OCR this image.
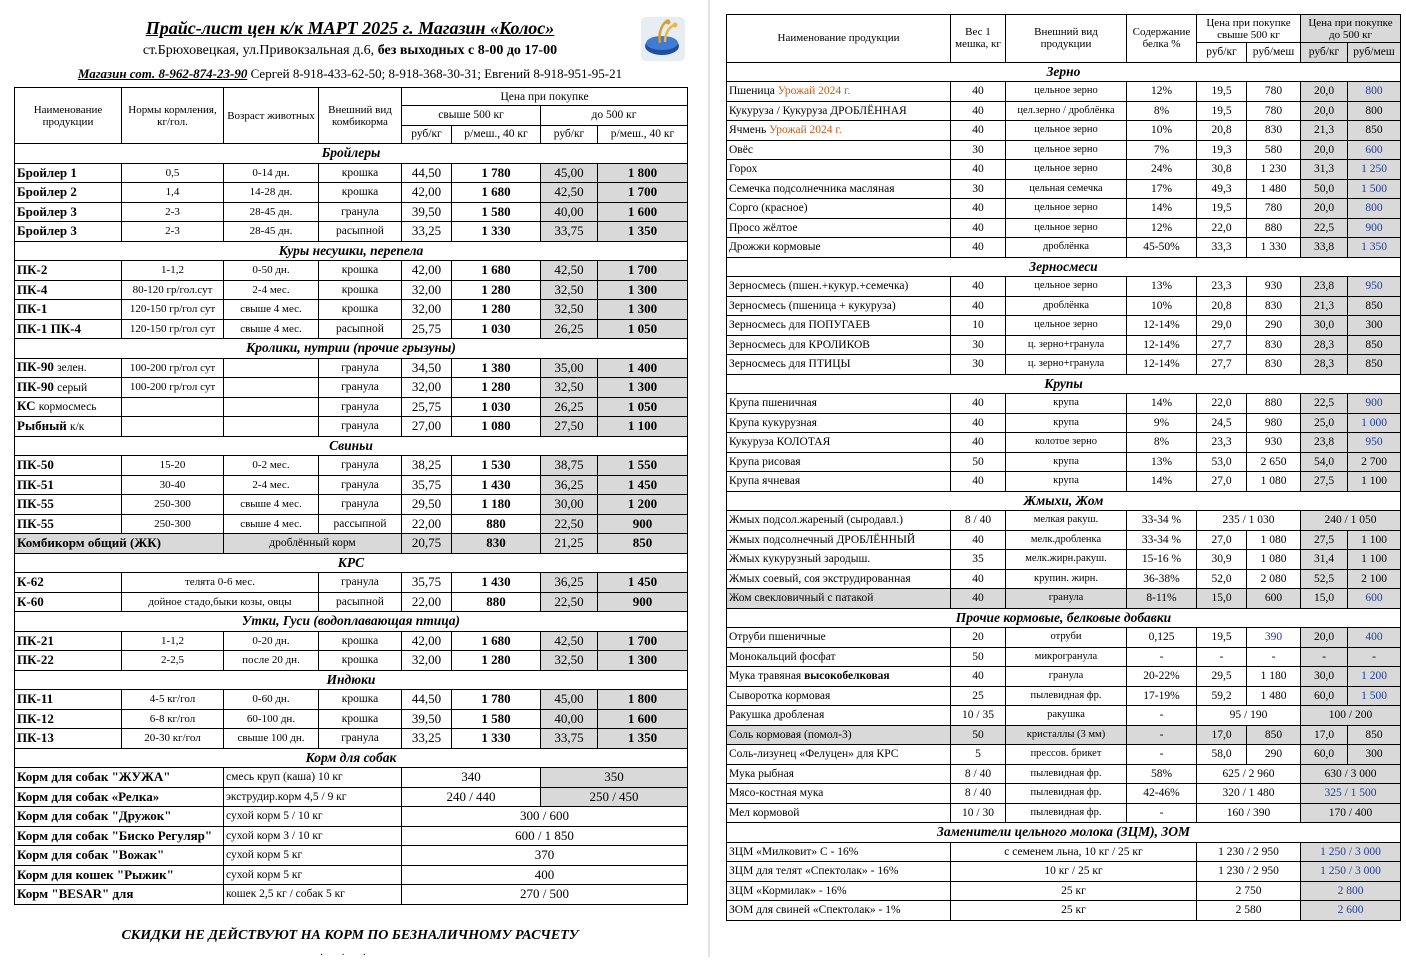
Прайс-лист цен к/к МАРТ 2025 г. Магазин «Колос»
ст.Брюховецкая, ул.Привокзальная д.6, без выходных с 8-00 до 17-00
Магазин сот. 8-962-874-23-90 Сергей 8-918-433-62-50; 8-918-368-30-31; Евгений 8-918-951-95-21
Наименование продукции	Нормы кормления, кг/гол.	Возраст животных	Внешний вид комбикорма	Цена при покупке			
				свыше 500 кг		до 500 кг	
				руб/кг	р/меш., 40 кг	руб/кг	р/меш., 40 кг
Бройлеры							
Бройлер 1	0,5	0-14 дн.	крошка	44,50	1 780	45,00	1 800
Бройлер 2	1,4	14-28 дн.	крошка	42,00	1 680	42,50	1 700
Бройлер 3	2-3	28-45 дн.	гранула	39,50	1 580	40,00	1 600
Бройлер 3	2-3	28-45 дн.	расыпной	33,25	1 330	33,75	1 350
Куры несушки, перепела							
ПК-2	1-1,2	0-50 дн.	крошка	42,00	1 680	42,50	1 700
ПК-4	80-120 гр/гол.сут	2-4 мес.	крошка	32,00	1 280	32,50	1 300
ПК-1	120-150 гр/гол сут	свыше 4 мес.	крошка	32,00	1 280	32,50	1 300
ПК-1 ПК-4	120-150 гр/гол сут	свыше 4 мес.	расыпной	25,75	1 030	26,25	1 050
Кролики, нутрии (прочие грызуны)							
ПК-90 зелен.	100-200 гр/гол сут		гранула	34,50	1 380	35,00	1 400
ПК-90 серый	100-200 гр/гол сут		гранула	32,00	1 280	32,50	1 300
КС кормосмесь			гранула	25,75	1 030	26,25	1 050
Рыбный к/к			гранула	27,00	1 080	27,50	1 100
Свиньи							
ПК-50	15-20	0-2 мес.	гранула	38,25	1 530	38,75	1 550
ПК-51	30-40	2-4 мес.	гранула	35,75	1 430	36,25	1 450
ПК-55	250-300	свыше 4 мес.	гранула	29,50	1 180	30,00	1 200
ПК-55	250-300	свыше 4 мес.	рассыпной	22,00	880	22,50	900
Комбикорм общий (ЖК)		дроблённый корм		20,75	830	21,25	850
КРС							
К-62	телята 0-6 мес.		гранула	35,75	1 430	36,25	1 450
К-60	дойное стадо,быки козы, овцы		расыпной	22,00	880	22,50	900
Утки, Гуси (водоплавающая птица)							
ПК-21	1-1,2	0-20 дн.	крошка	42,00	1 680	42,50	1 700
ПК-22	2-2,5	после 20 дн.	крошка	32,00	1 280	32,50	1 300
Индюки							
ПК-11	4-5 кг/гол	0-60 дн.	крошка	44,50	1 780	45,00	1 800
ПК-12	6-8 кг/гол	60-100 дн.	крошка	39,50	1 580	40,00	1 600
ПК-13	20-30 кг/гол	свыше 100 дн.	гранула	33,25	1 330	33,75	1 350
Корм для собак							
Корм для собак "ЖУЖА"		смесь круп (каша) 10 кг		340		350	
Корм для собак «Релка»		экструдир.корм 4,5 / 9 кг		240 / 440		250 / 450	
Корм для собак "Дружок"		сухой корм 5 / 10 кг		300 / 600			
Корм для собак "Биско Регуляр"		сухой корм 3 / 10 кг		600 / 1 850			
Корм для собак "Вожак"		сухой корм 5 кг		370			
Корм для кошек "Рыжик"		сухой корм 5 кг		400			
Корм "BESAR" для		кошек 2,5 кг / собак 5 кг		270 / 500			
СКИДКИ НЕ ДЕЙСТВУЮТ НА КОРМ ПО БЕЗНАЛИЧНОМУ РАСЧЕТУ
···
Наименование продукции	Вес 1 мешка, кг	Внешний вид продукции	Содержание белка %	Цена при покупке свыше 500 кг		Цена при покупке до 500 кг	
				руб/кг	руб/меш	руб/кг	руб/меш
Зерно							
Пшеница Урожай 2024 г.	40	цельное зерно	12%	19,5	780	20,0	800
Кукуруза / Кукуруза ДРОБЛЁННАЯ	40	цел.зерно / дроблёнка	8%	19,5	780	20,0	800
Ячмень Урожай 2024 г.	40	цельное зерно	10%	20,8	830	21,3	850
Овёс	30	цельное зерно	7%	19,3	580	20,0	600
Горох	40	цельное зерно	24%	30,8	1 230	31,3	1 250
Семечка подсолнечника масляная	30	цельная семечка	17%	49,3	1 480	50,0	1 500
Сорго (красное)	40	цельное зерно	14%	19,5	780	20,0	800
Просо жёлтое	40	цельное зерно	12%	22,0	880	22,5	900
Дрожжи кормовые	40	дроблёнка	45-50%	33,3	1 330	33,8	1 350
Зерносмеси							
Зерносмесь (пшен.+кукур.+семечка)	40	цельное зерно	13%	23,3	930	23,8	950
Зерносмесь (пшеница + кукуруза)	40	дроблёнка	10%	20,8	830	21,3	850
Зерносмесь для ПОПУГАЕВ	10	цельное зерно	12-14%	29,0	290	30,0	300
Зерносмесь для КРОЛИКОВ	30	ц. зерно+гранула	12-14%	27,7	830	28,3	850
Зерносмесь для ПТИЦЫ	30	ц. зерно+гранула	12-14%	27,7	830	28,3	850
Крупы							
Крупа пшеничная	40	крупа	14%	22,0	880	22,5	900
Крупа кукурузная	40	крупа	9%	24,5	980	25,0	1 000
Кукуруза КОЛОТАЯ	40	колотое зерно	8%	23,3	930	23,8	950
Крупа рисовая	50	крупа	13%	53,0	2 650	54,0	2 700
Крупа ячневая	40	крупа	14%	27,0	1 080	27,5	1 100
Жмыхи, Жом							
Жмых подсол.жареный (сыродавл.)	8 / 40	мелкая ракуш.	33-34 %	235 / 1 030		240 / 1 050	
Жмых подсолнечный ДРОБЛЁННЫЙ	40	мелк.дробленка	33-34 %	27,0	1 080	27,5	1 100
Жмых кукурузный зародыш.	35	мелк.жирн.ракуш.	15-16 %	30,9	1 080	31,4	1 100
Жмых соевый, соя экструдированная	40	крупин. жирн.	36-38%	52,0	2 080	52,5	2 100
Жом свекловичный с патакой	40	гранула	8-11%	15,0	600	15,0	600
Прочие кормовые, белковые добавки							
Отруби пшеничные	20	отруби	0,125	19,5	390	20,0	400
Монокальций фосфат	50	микрогранула	-	-	-	-	-
Мука травяная высокобелковая	40	гранула	20-22%	29,5	1 180	30,0	1 200
Сыворотка кормовая	25	пылевидная фр.	17-19%	59,2	1 480	60,0	1 500
Ракушка дробленая	10 / 35	ракушка	-	95 / 190		100 / 200	
Соль кормовая (помол-3)	50	кристаллы (3 мм)	-	17,0	850	17,0	850
Соль-лизунец «Фелуцен» для КРС	5	прессов. брикет	-	58,0	290	60,0	300
Мука рыбная	8 / 40	пылевидная фр.	58%	625 / 2 960		630 / 3 000	
Мясо-костная мука	8 / 40	пылевидная фр.	42-46%	320 / 1 480		325 / 1 500	
Мел кормовой	10 / 30	пылевидная фр.	-	160 / 390		170 / 400	
Заменители цельного молока (ЗЦМ), ЗОМ							
ЗЦМ «Милковит» С - 16%	с семенем льна, 10 кг / 25 кг			1 230 / 2 950		1 250 / 3 000	
ЗЦМ для телят «Спектолак» - 16%	10 кг / 25 кг			1 230 / 2 950		1 250 / 3 000	
ЗЦМ «Кормилак» - 16%	25 кг			2 750		2 800	
ЗОМ для свиней «Спектолак» - 1%	25 кг			2 580		2 600	
